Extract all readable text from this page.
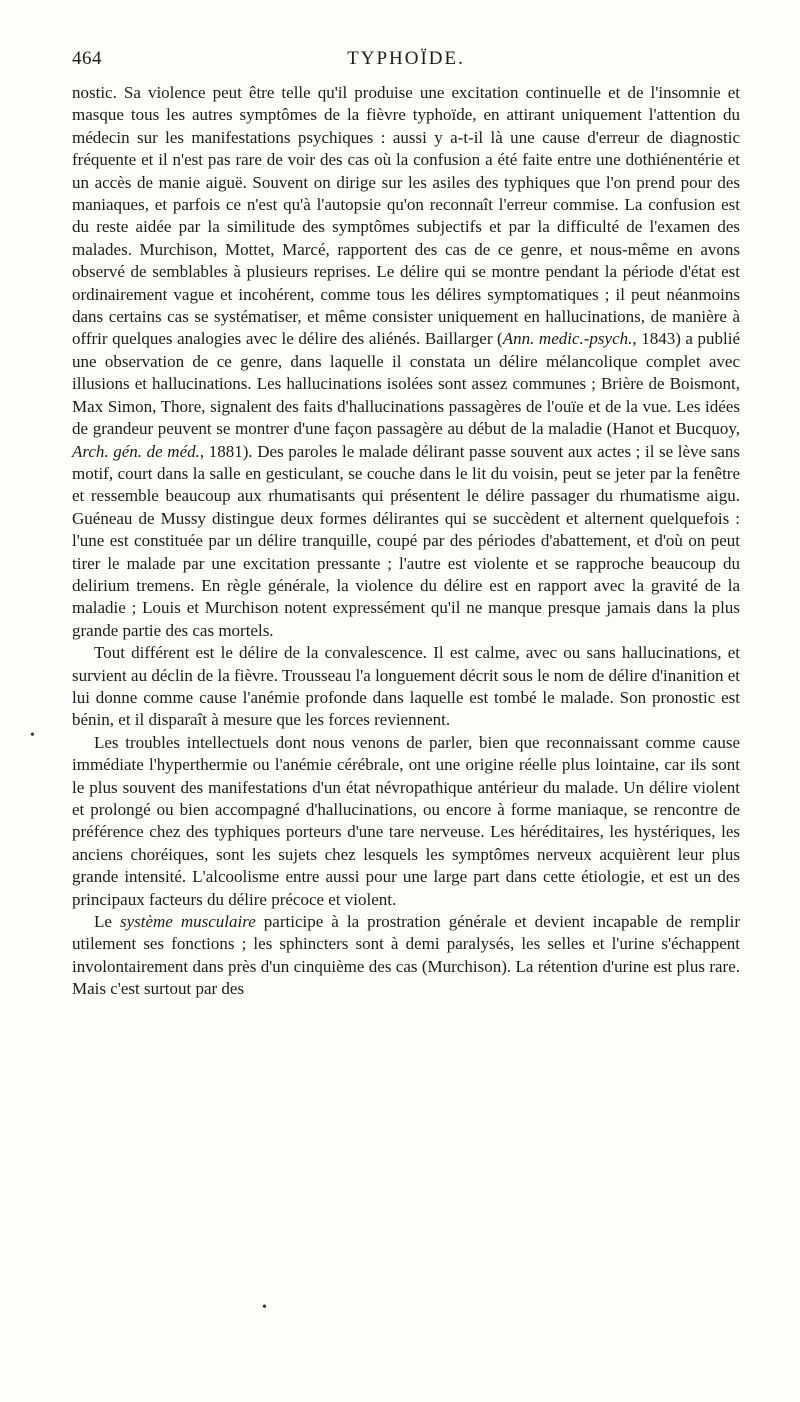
464	TYPHOÏDE.

nostic. Sa violence peut être telle qu'il produise une excitation continuelle et de l'insomnie et masque tous les autres symptômes de la fièvre typhoïde, en attirant uniquement l'attention du médecin sur les manifestations psychiques : aussi y a-t-il là une cause d'erreur de diagnostic fréquente et il n'est pas rare de voir des cas où la confusion a été faite entre une dothiénentérie et un accès de manie aiguë. Souvent on dirige sur les asiles des typhiques que l'on prend pour des maniaques, et parfois ce n'est qu'à l'autopsie qu'on reconnaît l'erreur commise. La confusion est du reste aidée par la similitude des symptômes subjectifs et par la difficulté de l'examen des malades. Murchison, Mottet, Marcé, rapportent des cas de ce genre, et nous-même en avons observé de semblables à plusieurs reprises. Le délire qui se montre pendant la période d'état est ordinairement vague et incohérent, comme tous les délires symptomatiques ; il peut néanmoins dans certains cas se systématiser, et même consister uniquement en hallucinations, de manière à offrir quelques analogies avec le délire des aliénés. Baillarger (Ann. medic.-psych., 1843) a publié une observation de ce genre, dans laquelle il constata un délire mélancolique complet avec illusions et hallucinations. Les hallucinations isolées sont assez communes ; Brière de Boismont, Max Simon, Thore, signalent des faits d'hallucinations passagères de l'ouïe et de la vue. Les idées de grandeur peuvent se montrer d'une façon passagère au début de la maladie (Hanot et Bucquoy, Arch. gén. de méd., 1881). Des paroles le malade délirant passe souvent aux actes ; il se lève sans motif, court dans la salle en gesticulant, se couche dans le lit du voisin, peut se jeter par la fenêtre et ressemble beaucoup aux rhumatisants qui présentent le délire passager du rhumatisme aigu. Guéneau de Mussy distingue deux formes délirantes qui se succèdent et alternent quelquefois : l'une est constituée par un délire tranquille, coupé par des périodes d'abattement, et d'où on peut tirer le malade par une excitation pressante ; l'autre est violente et se rapproche beaucoup du delirium tremens. En règle générale, la violence du délire est en rapport avec la gravité de la maladie ; Louis et Murchison notent expressément qu'il ne manque presque jamais dans la plus grande partie des cas mortels.

Tout différent est le délire de la convalescence. Il est calme, avec ou sans hallucinations, et survient au déclin de la fièvre. Trousseau l'a longuement décrit sous le nom de délire d'inanition et lui donne comme cause l'anémie profonde dans laquelle est tombé le malade. Son pronostic est bénin, et il disparaît à mesure que les forces reviennent.

Les troubles intellectuels dont nous venons de parler, bien que reconnaissant comme cause immédiate l'hyperthermie ou l'anémie cérébrale, ont une origine réelle plus lointaine, car ils sont le plus souvent des manifestations d'un état névropathique antérieur du malade. Un délire violent et prolongé ou bien accompagné d'hallucinations, ou encore à forme maniaque, se rencontre de préférence chez des typhiques porteurs d'une tare nerveuse. Les héréditaires, les hystériques, les anciens choréiques, sont les sujets chez lesquels les symptômes nerveux acquièrent leur plus grande intensité. L'alcoolisme entre aussi pour une large part dans cette étiologie, et est un des principaux facteurs du délire précoce et violent.

Le système musculaire participe à la prostration générale et devient incapable de remplir utilement ses fonctions ; les sphincters sont à demi paralysés, les selles et l'urine s'échappent involontairement dans près d'un cinquième des cas (Murchison). La rétention d'urine est plus rare. Mais c'est surtout par des

•
•
